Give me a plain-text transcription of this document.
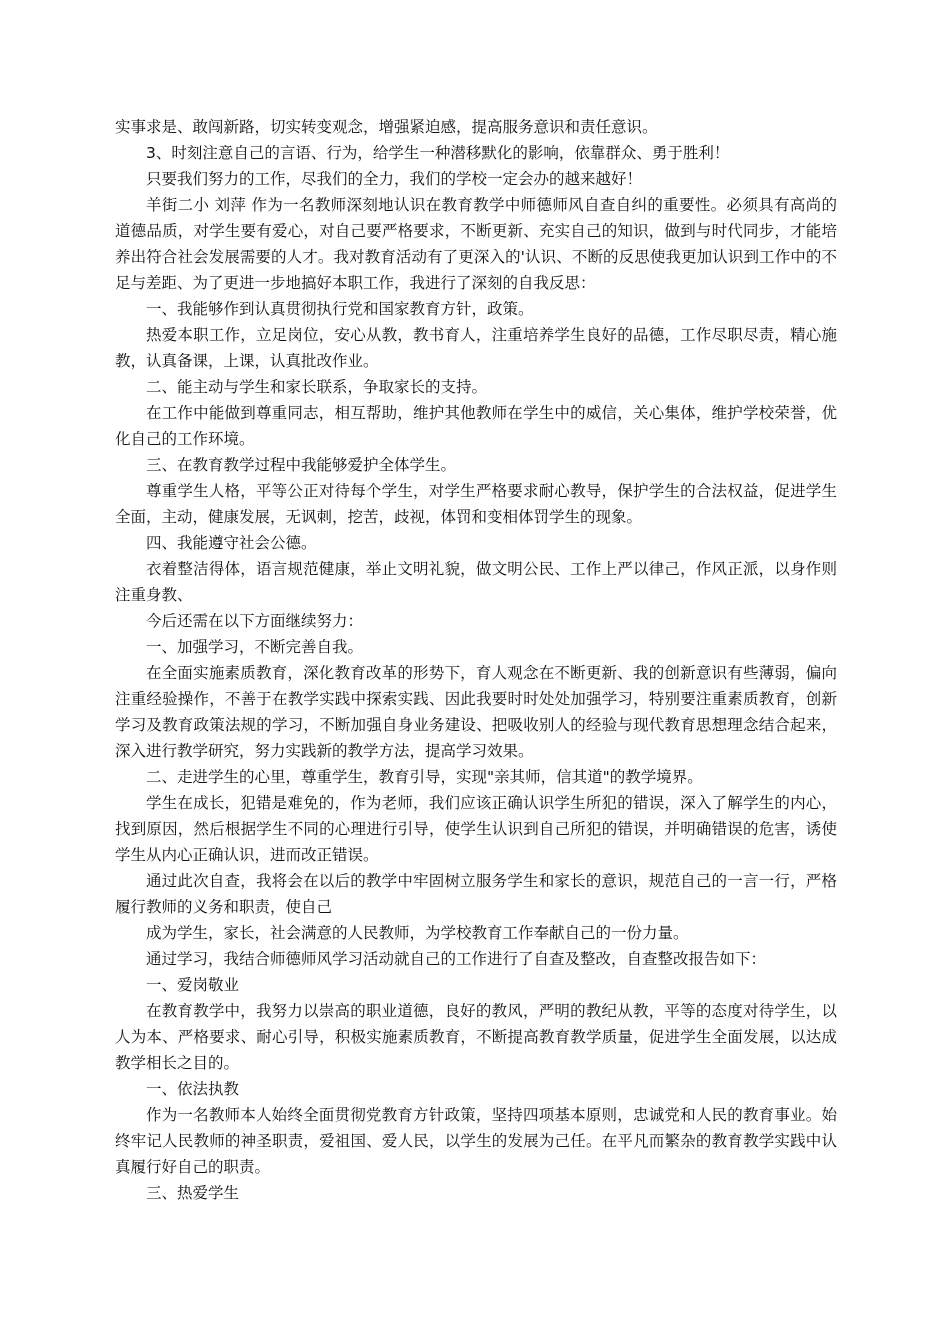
实事求是、敢闯新路，切实转变观念，增强紧迫感，提高服务意识和责任意识。

3、时刻注意自己的言语、行为，给学生一种潜移默化的影响，依靠群众、勇于胜利！

只要我们努力的工作，尽我们的全力，我们的学校一定会办的越来越好！

羊街二小 刘萍 作为一名教师深刻地认识在教育教学中师德师风自查自纠的重要性。必须具有高尚的道德品质，对学生要有爱心，对自己要严格要求，不断更新、充实自己的知识，做到与时代同步，才能培养出符合社会发展需要的人才。我对教育活动有了更深入的'认识、不断的反思使我更加认识到工作中的不足与差距、为了更进一步地搞好本职工作，我进行了深刻的自我反思：

一、我能够作到认真贯彻执行党和国家教育方针，政策。

热爱本职工作，立足岗位，安心从教，教书育人，注重培养学生良好的品德，工作尽职尽责，精心施教，认真备课，上课，认真批改作业。

二、能主动与学生和家长联系，争取家长的支持。

在工作中能做到尊重同志，相互帮助，维护其他教师在学生中的威信，关心集体，维护学校荣誉，优化自己的工作环境。

三、在教育教学过程中我能够爱护全体学生。

尊重学生人格，平等公正对待每个学生，对学生严格要求耐心教导，保护学生的合法权益，促进学生全面，主动，健康发展，无讽刺，挖苦，歧视，体罚和变相体罚学生的现象。

四、我能遵守社会公德。

衣着整洁得体，语言规范健康，举止文明礼貌，做文明公民、工作上严以律己，作风正派，以身作则注重身教、

今后还需在以下方面继续努力：

一、加强学习，不断完善自我。

在全面实施素质教育，深化教育改革的形势下，育人观念在不断更新、我的创新意识有些薄弱，偏向注重经验操作，不善于在教学实践中探索实践、因此我要时时处处加强学习，特别要注重素质教育，创新学习及教育政策法规的学习，不断加强自身业务建设、把吸收别人的经验与现代教育思想理念结合起来，深入进行教学研究，努力实践新的教学方法，提高学习效果。

二、走进学生的心里，尊重学生，教育引导，实现"亲其师，信其道"的教学境界。

学生在成长，犯错是难免的，作为老师，我们应该正确认识学生所犯的错误，深入了解学生的内心，找到原因，然后根据学生不同的心理进行引导，使学生认识到自己所犯的错误，并明确错误的危害，诱使学生从内心正确认识，进而改正错误。

通过此次自查，我将会在以后的教学中牢固树立服务学生和家长的意识，规范自己的一言一行，严格履行教师的义务和职责，使自己

成为学生，家长，社会满意的人民教师，为学校教育工作奉献自己的一份力量。

通过学习，我结合师德师风学习活动就自己的工作进行了自查及整改，自查整改报告如下：

一、爱岗敬业

在教育教学中，我努力以崇高的职业道德，良好的教风，严明的教纪从教，平等的态度对待学生，以人为本、严格要求、耐心引导，积极实施素质教育，不断提高教育教学质量，促进学生全面发展，以达成教学相长之目的。

一、依法执教

作为一名教师本人始终全面贯彻党教育方针政策，坚持四项基本原则，忠诚党和人民的教育事业。始终牢记人民教师的神圣职责，爱祖国、爱人民，以学生的发展为己任。在平凡而繁杂的教育教学实践中认真履行好自己的职责。

三、热爱学生
